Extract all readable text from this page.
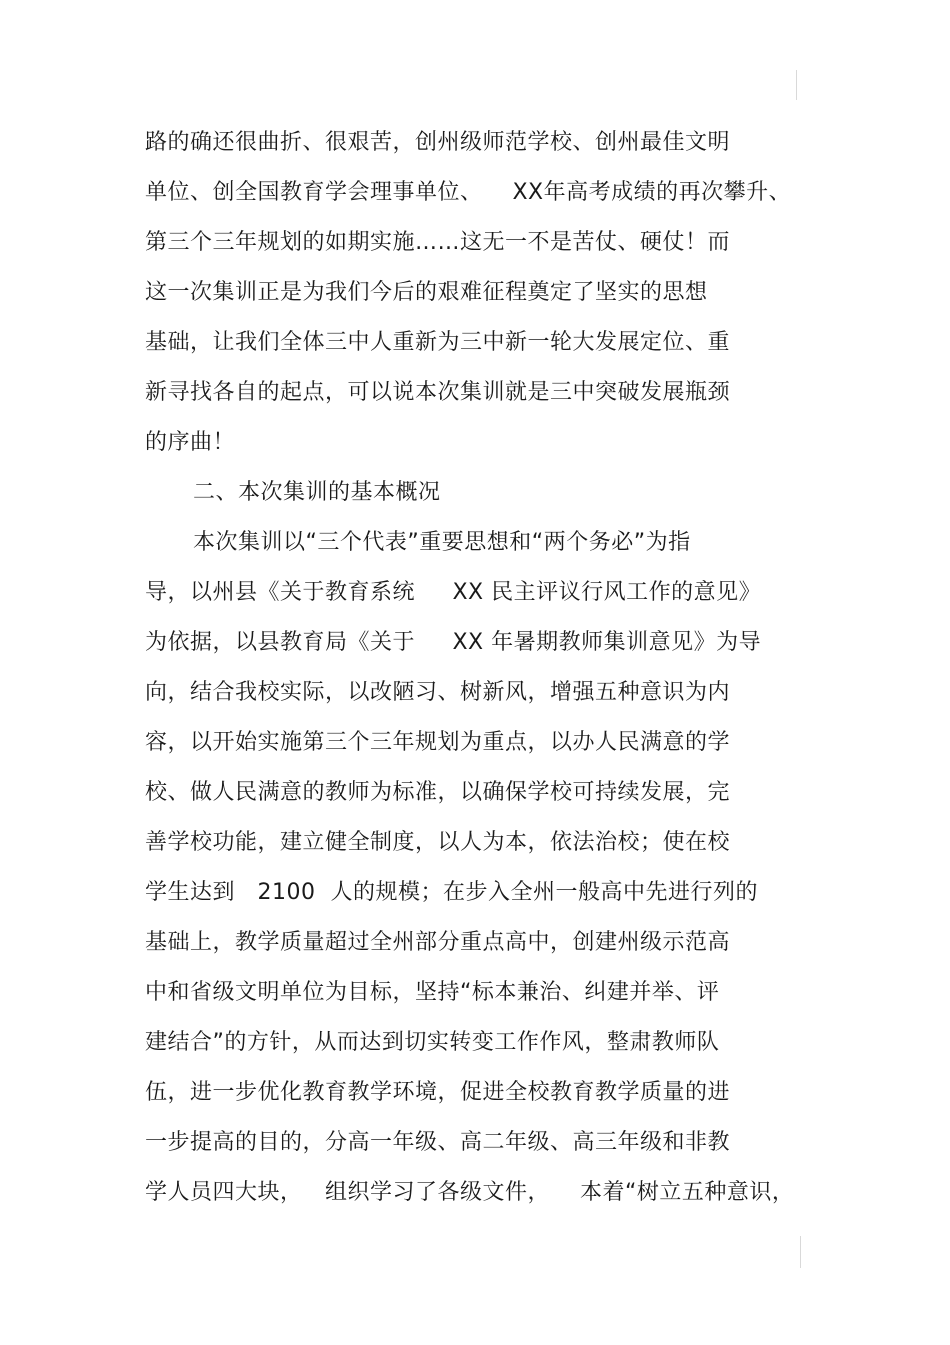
路的确还很曲折、很艰苦，创州级师范学校、创州最佳文明
单位、创全国教育学会理事单位、    XX年高考成绩的再次攀升、
第三个三年规划的如期实施……这无一不是苦仗、硬仗！而
这一次集训正是为我们今后的艰难征程奠定了坚实的思想
基础，让我们全体三中人重新为三中新一轮大发展定位、重
新寻找各自的起点，可以说本次集训就是三中突破发展瓶颈
的序曲！
二、本次集训的基本概况
本次集训以“三个代表”重要思想和“两个务必”为指
导，以州县《关于教育系统     XX 民主评议行风工作的意见》
为依据，以县教育局《关于     XX 年暑期教师集训意见》为导
向，结合我校实际，以改陋习、树新风，增强五种意识为内
容，以开始实施第三个三年规划为重点，以办人民满意的学
校、做人民满意的教师为标准，以确保学校可持续发展，完
善学校功能，建立健全制度，以人为本，依法治校；使在校
学生达到   2100  人的规模；在步入全州一般高中先进行列的
基础上，教学质量超过全州部分重点高中，创建州级示范高
中和省级文明单位为目标，坚持“标本兼治、纠建并举、评
建结合”的方针，从而达到切实转变工作作风，整肃教师队
伍，进一步优化教育教学环境，促进全校教育教学质量的进
一步提高的目的，分高一年级、高二年级、高三年级和非教
学人员四大块，   组织学习了各级文件，    本着“树立五种意识，
